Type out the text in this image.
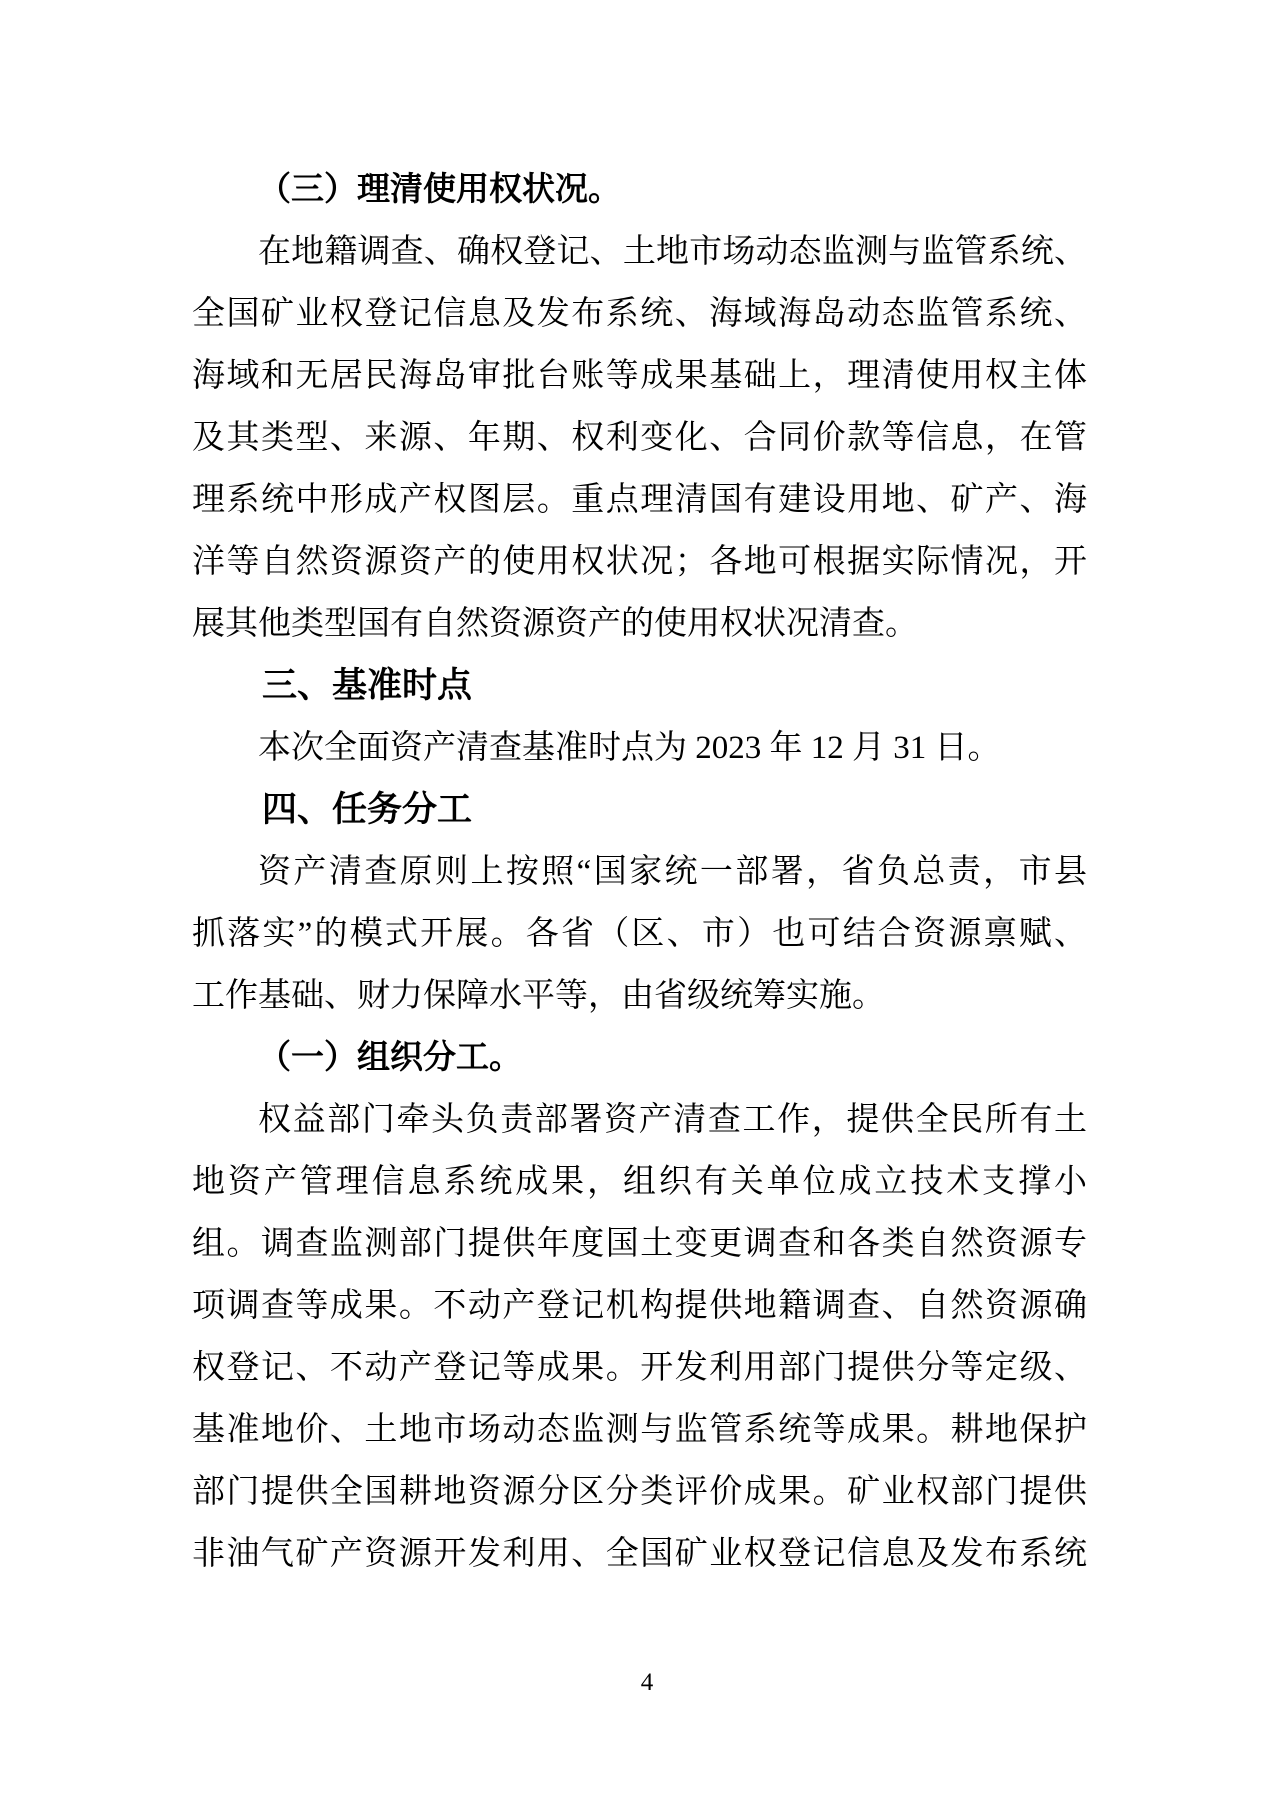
（三）理清使用权状况。
在地籍调查、确权登记、土地市场动态监测与监管系统、
全国矿业权登记信息及发布系统、海域海岛动态监管系统、
海域和无居民海岛审批台账等成果基础上，理清使用权主体
及其类型、来源、年期、权利变化、合同价款等信息，在管
理系统中形成产权图层。重点理清国有建设用地、矿产、海
洋等自然资源资产的使用权状况；各地可根据实际情况，开
展其他类型国有自然资源资产的使用权状况清查。
三、基准时点
本次全面资产清查基准时点为 2023 年 12 月 31 日。
四、任务分工
资产清查原则上按照“国家统一部署，省负总责，市县
抓落实”的模式开展。各省（区、市）也可结合资源禀赋、
工作基础、财力保障水平等，由省级统筹实施。
（一）组织分工。
权益部门牵头负责部署资产清查工作，提供全民所有土
地资产管理信息系统成果，组织有关单位成立技术支撑小
组。调查监测部门提供年度国土变更调查和各类自然资源专
项调查等成果。不动产登记机构提供地籍调查、自然资源确
权登记、不动产登记等成果。开发利用部门提供分等定级、
基准地价、土地市场动态监测与监管系统等成果。耕地保护
部门提供全国耕地资源分区分类评价成果。矿业权部门提供
非油气矿产资源开发利用、全国矿业权登记信息及发布系统
4
